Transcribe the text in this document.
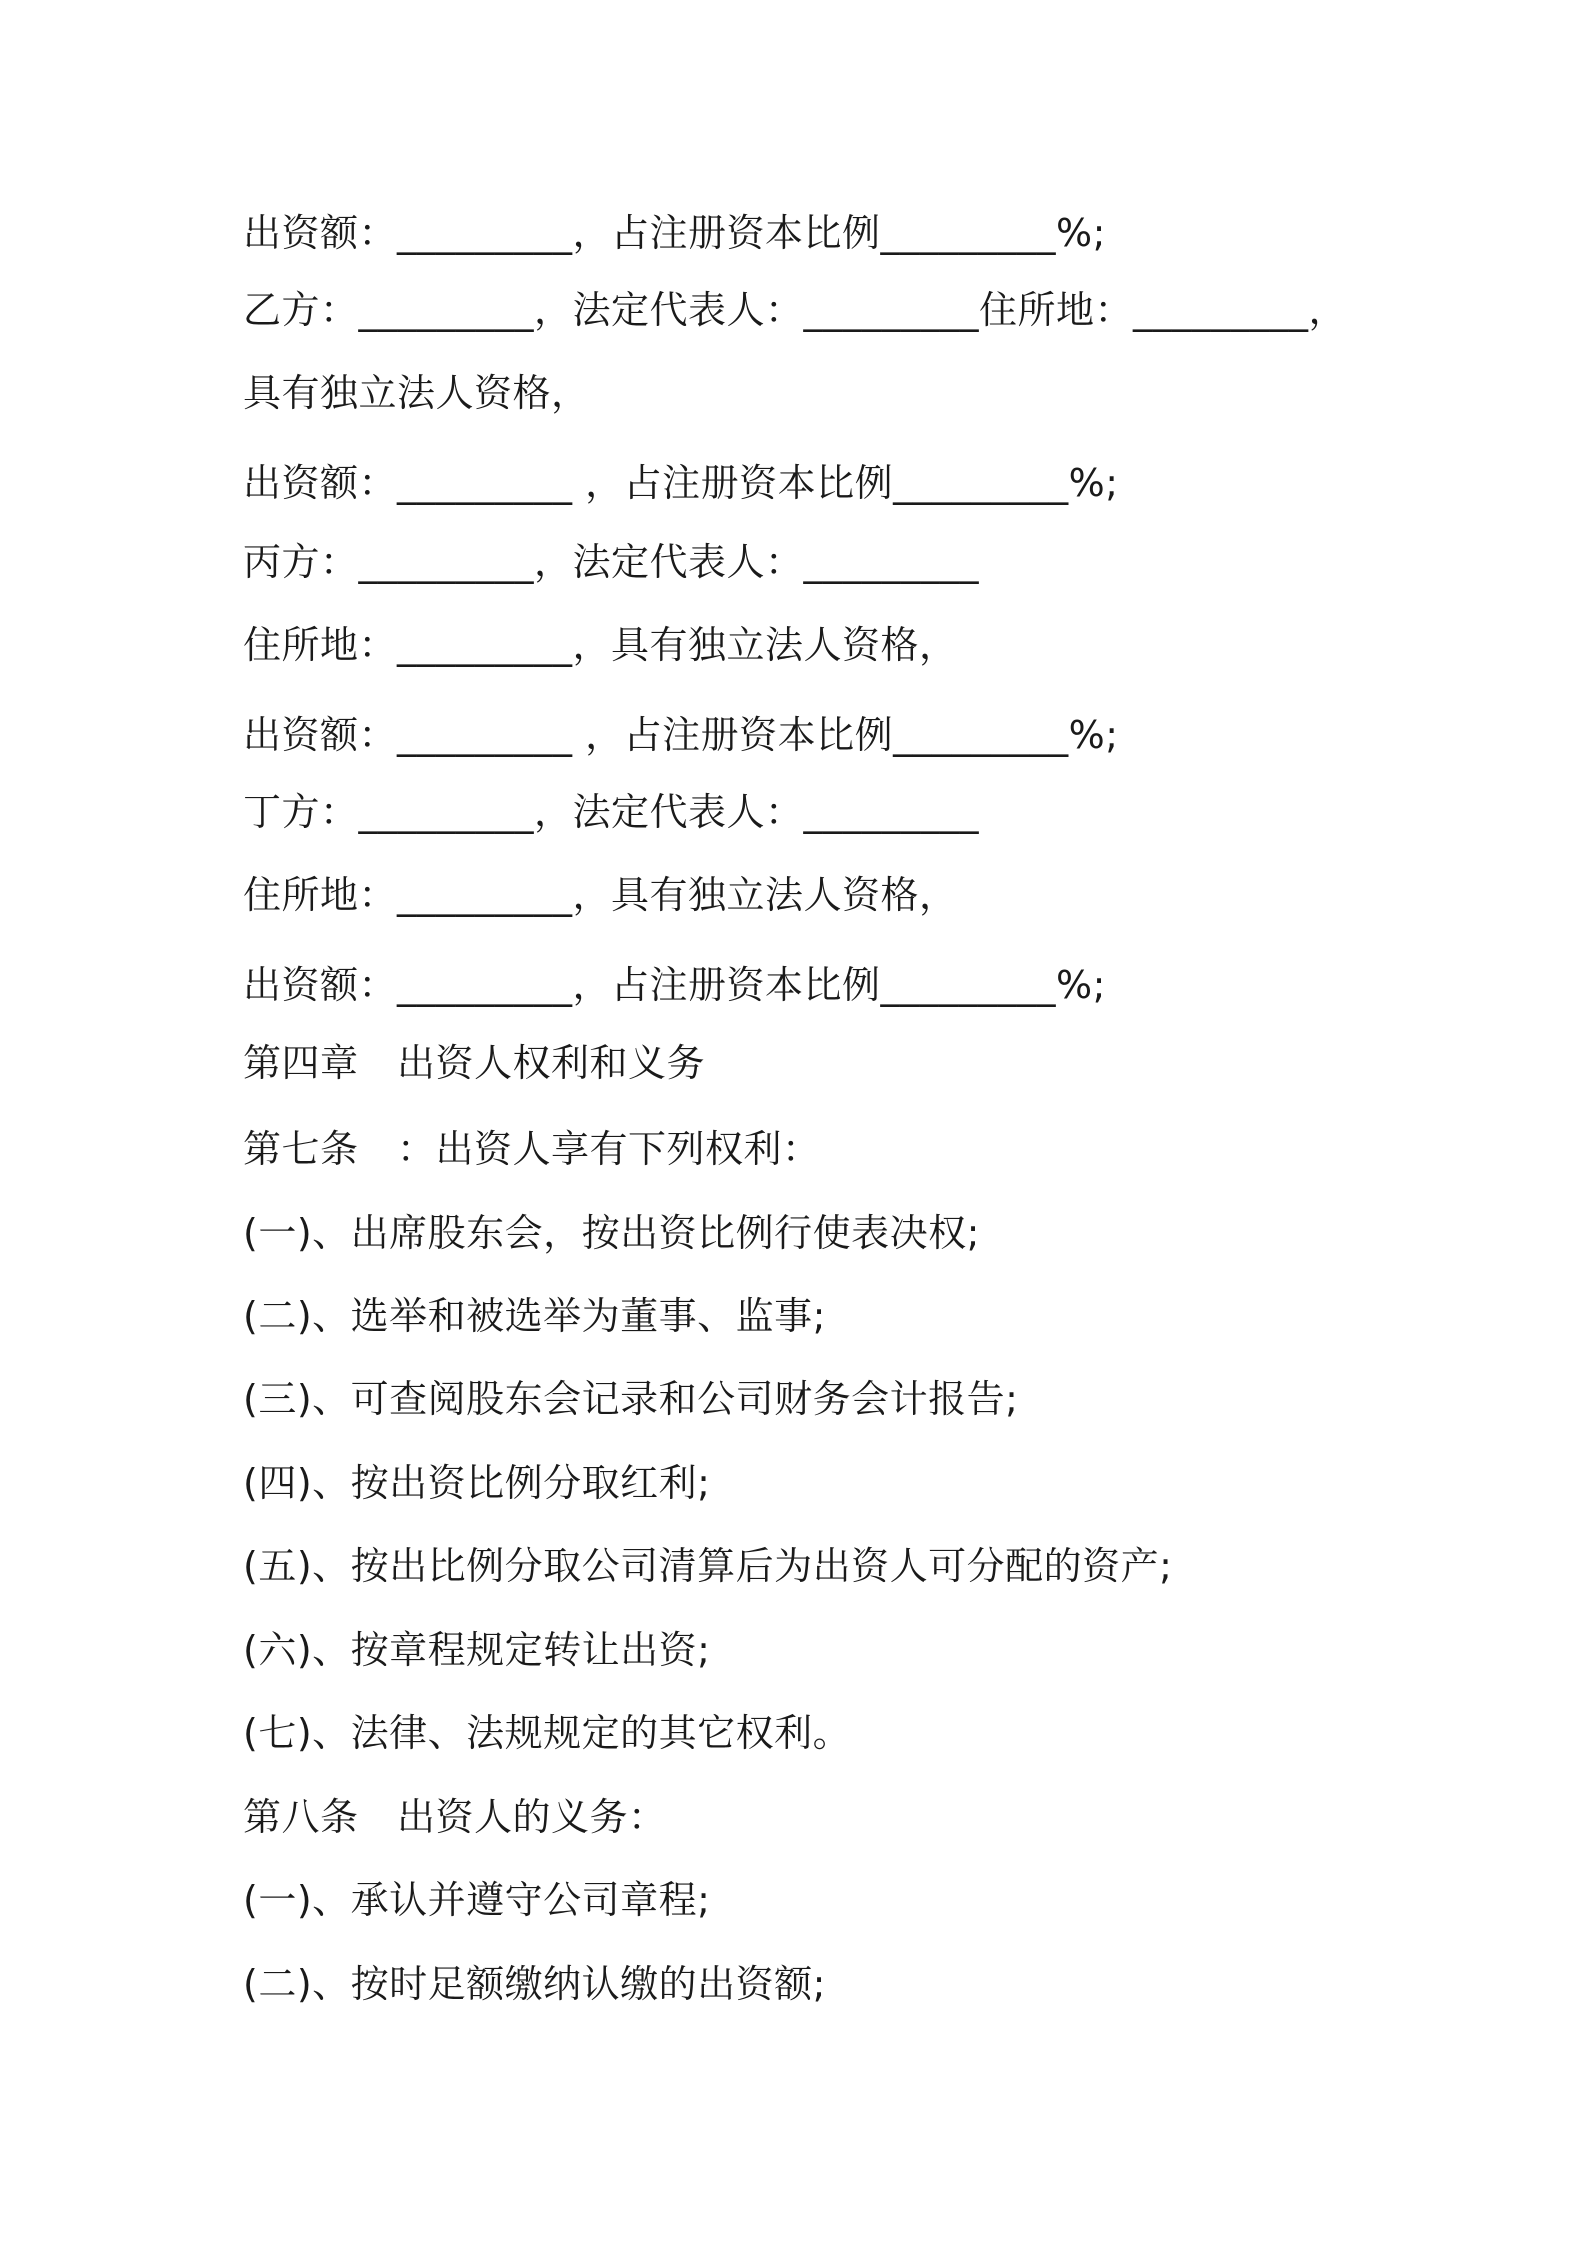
出资额：_________，占注册资本比例_________%;

乙方：_________，法定代表人：_________住所地：_________，

具有独立法人资格，

出资额：_________ ，占注册资本比例_________%;

丙方：_________，法定代表人：_________

住所地：_________，具有独立法人资格，

出资额：_________ ，占注册资本比例_________%;

丁方：_________，法定代表人：_________

住所地：_________，具有独立法人资格，

出资额：_________，占注册资本比例_________%;

第四章　出资人权利和义务

第七条　：出资人享有下列权利：

(一)、出席股东会，按出资比例行使表决权;

(二)、选举和被选举为董事、监事;

(三)、可查阅股东会记录和公司财务会计报告;

(四)、按出资比例分取红利;

(五)、按出比例分取公司清算后为出资人可分配的资产;

(六)、按章程规定转让出资;

(七)、法律、法规规定的其它权利。

第八条　出资人的义务：

(一)、承认并遵守公司章程;

(二)、按时足额缴纳认缴的出资额;
